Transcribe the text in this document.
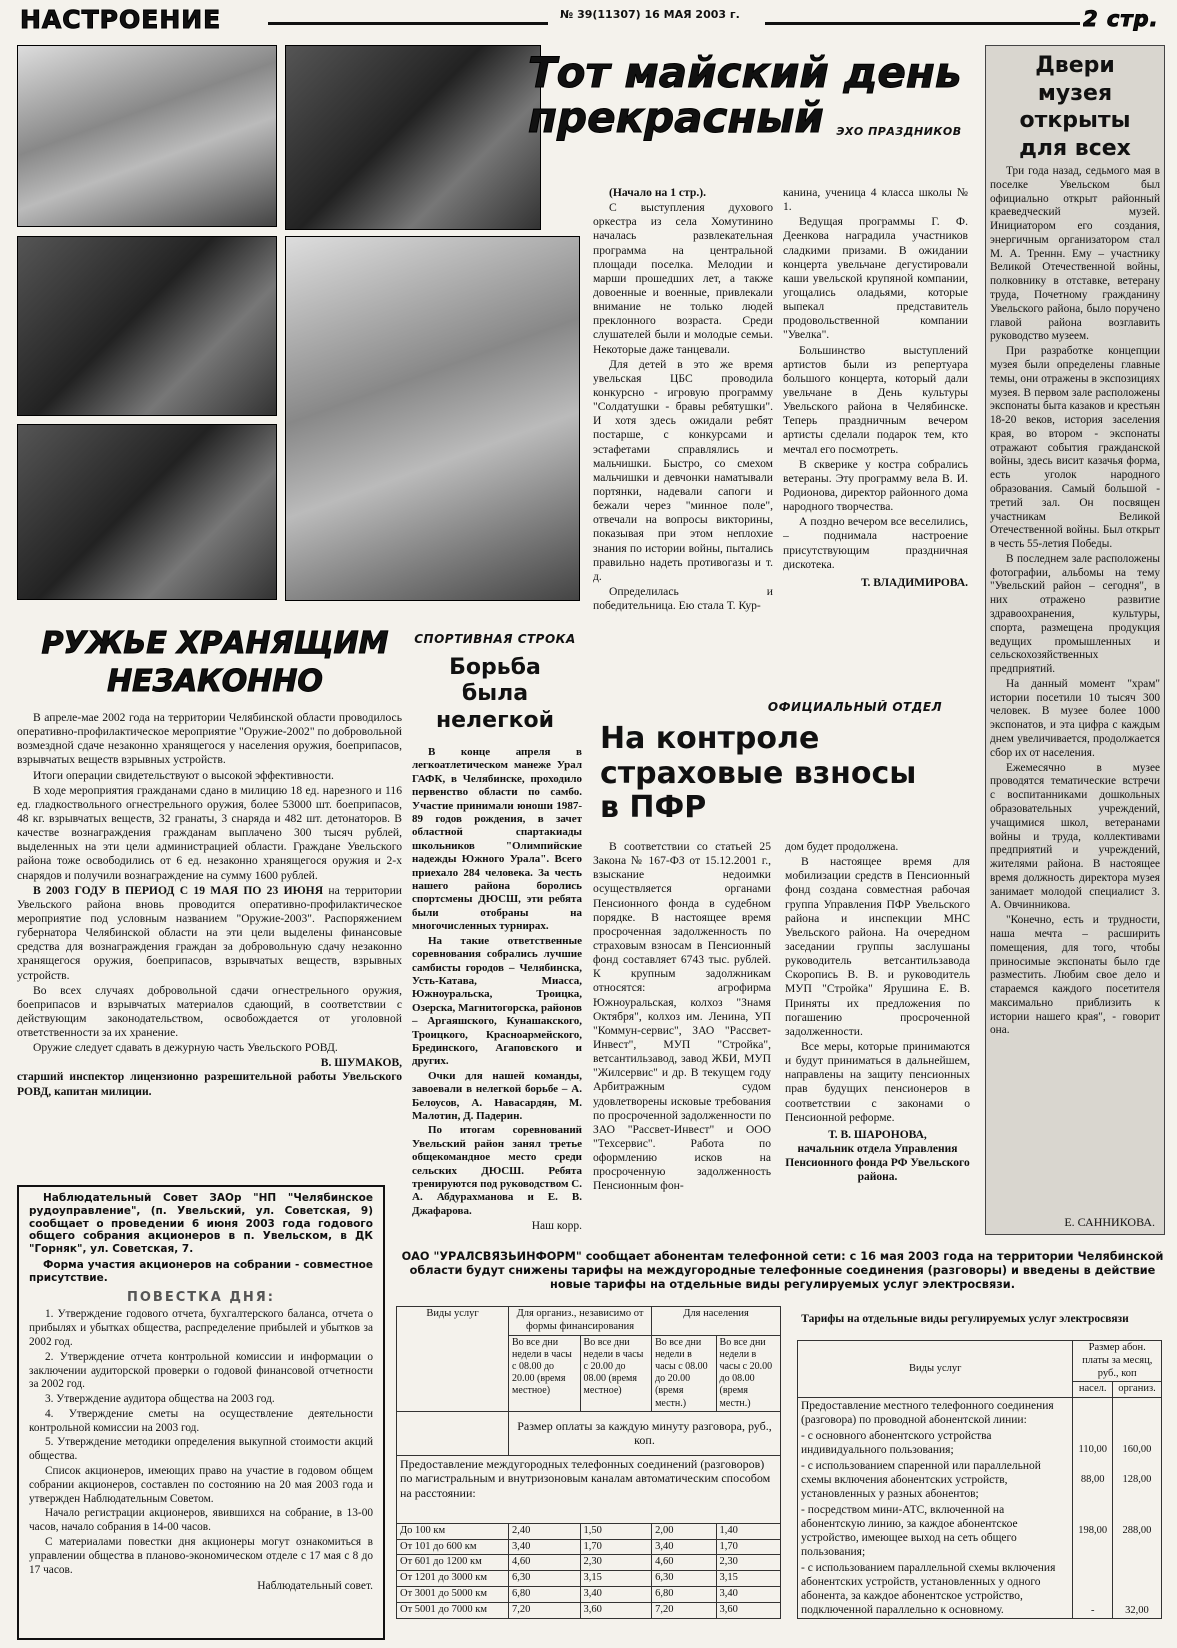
НАСТРОЕНИЕ	№ 39(11307) 16 МАЯ 2003 г.	2 стр.
Тот майский день прекрасный	ЭХО ПРАЗДНИКОВ

(Начало на 1 стр.).

С выступления духового оркестра из села Хомутинино началась развлекательная программа на центральной площади поселка. Мелодии и марши прошедших лет, а также довоенные и военные, привлекали внимание не только людей преклонного возраста. Среди слушателей были и молодые семьи. Некоторые даже танцевали.

Для детей в это же время увельская ЦБС проводила конкурсно - игровую программу "Солдатушки - бравы ребятушки". И хотя здесь ожидали ребят постарше, с конкурсами и эстафетами справлялись и мальчишки. Быстро, со смехом мальчишки и девчонки наматывали портянки, надевали сапоги и бежали через "минное поле", отвечали на вопросы викторины, показывая при этом неплохие знания по истории войны, пытались правильно надеть противогазы и т. д.

Определилась и победительница. Ею стала Т. Кур-

канина, ученица 4 класса школы № 1.

Ведущая программы Г. Ф. Деенкова наградила участников сладкими призами. В ожидании концерта увельчане дегустировали каши увельской крупяной компании, угощались оладьями, которые выпекал представитель продовольственной компании "Увелка".

Большинство выступлений артистов были из репертуара большого концерта, который дали увельчане в День культуры Увельского района в Челябинске. Теперь праздничным вечером артисты сделали подарок тем, кто мечтал его посмотреть.

В скверике у костра собрались ветераны. Эту программу вела В. И. Родионова, директор районного дома народного творчества.

А поздно вечером все веселились, – поднимала настроение присутствующим праздничная дискотека.

Т. ВЛАДИМИРОВА.
Двери музея открыты для всех

Три года назад, седьмого мая в поселке Увельском был официально открыт районный краеведческий музей. Инициатором его создания, энергичным организатором стал М. А. Треннн. Ему – участнику Великой Отечественной войны, полковнику в отставке, ветерану труда, Почетному гражданину Увельского района, было поручено главой района возглавить руководство музеем.

При разработке концепции музея были определены главные темы, они отражены в экспозициях музея. В первом зале расположены экспонаты быта казаков и крестьян 18-20 веков, история заселения края, во втором - экспонаты отражают события гражданской войны, здесь висит казачья форма, есть уголок народного образования. Самый большой - третий зал. Он посвящен участникам Великой Отечественной войны. Был открыт в честь 55-летия Победы.

В последнем зале расположены фотографии, альбомы на тему "Увельский район – сегодня", в них отражено развитие здравоохранения, культуры, спорта, размещена продукция ведущих промышленных и сельскохозяйственных предприятий.

На данный момент "храм" истории посетили 10 тысяч 300 человек. В музее более 1000 экспонатов, и эта цифра с каждым днем увеличивается, продолжается сбор их от населения.

Ежемесячно в музее проводятся тематические встречи с воспитанниками дошкольных образовательных учреждений, учащимися школ, ветеранами войны и труда, коллективами предприятий и учреждений, жителями района. В настоящее время должность директора музея занимает молодой специалист З. А. Овчинникова.

"Конечно, есть и трудности, наша мечта – расширить помещения, для того, чтобы приносимые экспонаты было где разместить. Любим свое дело и стараемся каждого посетителя максимально приблизить к истории нашего края", - говорит она.

Е. САННИКОВА.
РУЖЬЕ ХРАНЯЩИМ НЕЗАКОННО

В апреле-мае 2002 года на территории Челябинской области проводилось оперативно-профилактическое мероприятие "Оружие-2002" по добровольной возмездной сдаче незаконно хранящегося у населения оружия, боеприпасов, взрывчатых веществ взрывных устройств.

Итоги операции свидетельствуют о высокой эффективности.

В ходе мероприятия гражданами сдано в милицию 18 ед. нарезного и 116 ед. гладкоствольного огнестрельного оружия, более 53000 шт. боеприпасов, 48 кг. взрывчатых веществ, 32 гранаты, 3 снаряда и 482 шт. детонаторов. В качестве вознаграждения гражданам выплачено 300 тысяч рублей, выделенных на эти цели администрацией области. Граждане Увельского района тоже освободились от 6 ед. незаконно хранящегося оружия и 2-х снарядов и получили вознаграждение на сумму 1600 рублей.

В 2003 ГОДУ В ПЕРИОД С 19 МАЯ ПО 23 ИЮНЯ на территории Увельского района вновь проводится оперативно-профилактическое мероприятие под условным названием "Оружие-2003". Распоряжением губернатора Челябинской области на эти цели выделены финансовые средства для вознаграждения граждан за добровольную сдачу незаконно хранящегося оружия, боеприпасов, взрывчатых веществ, взрывных устройств.

Во всех случаях добровольной сдачи огнестрельного оружия, боеприпасов и взрывчатых материалов сдающий, в соответствии с действующим законодательством, освобождается от уголовной ответственности за их хранение.

Оружие следует сдавать в дежурную часть Увельского РОВД.

В. ШУМАКОВ,
старший инспектор лицензионно разрешительной работы Увельского РОВД, капитан милиции.
СПОРТИВНАЯ СТРОКА
Борьба была нелегкой

В конце апреля в легкоатлетическом манеже Урал ГАФК, в Челябинске, проходило первенство области по самбо. Участие принимали юноши 1987-89 годов рождения, в зачет областной спартакиады школьников "Олимпийские надежды Южного Урала". Всего приехало 284 человека. За честь нашего района боролись спортсмены ДЮСШ, эти ребята были отобраны на многочисленных турнирах.

На такие ответственные соревнования собрались лучшие самбисты городов – Челябинска, Усть-Катава, Миасса, Южноуральска, Троицка, Озерска, Магнитогорска, районов – Аргаяшского, Кунашакского, Троицкого, Красноармейского, Брединского, Агаповского и других.

Очки для нашей команды, завоевали в нелегкой борьбе – А. Белоусов, А. Навасардян, М. Малотин, Д. Падерин.

По итогам соревнований Увельский район занял третье общекомандное место среди сельских ДЮСШ. Ребята тренируются под руководством С. А. Абдурахманова и Е. В. Джафарова.

Наш корр.
ОФИЦИАЛЬНЫЙ ОТДЕЛ
На контроле страховые взносы в ПФР

В соответствии со статьей 25 Закона № 167-ФЗ от 15.12.2001 г., взыскание недоимки осуществляется органами Пенсионного фонда в судебном порядке. В настоящее время просроченная задолженность по страховым взносам в Пенсионный фонд составляет 6743 тыс. рублей. К крупным задолжникам относятся: агрофирма Южноуральская, колхоз "Знамя Октября", колхоз им. Ленина, УП "Коммун-сервис", ЗАО "Рассвет-Инвест", МУП "Стройка", ветсантильзавод, завод ЖБИ, МУП "Жилсервис" и др. В текущем году Арбитражным судом удовлетворены исковые требования по просроченной задолженности по ЗАО "Рассвет-Инвест" и ООО "Техсервис". Работа по оформлению исков на просроченную задолженность Пенсионным фон-

дом будет продолжена.

В настоящее время для мобилизации средств в Пенсионный фонд создана совместная рабочая группа Управления ПФР Увельского района и инспекции МНС Увельского района. На очередном заседании группы заслушаны руководитель ветсантильзавода Скоропись В. В. и руководитель МУП "Стройка" Ярушина Е. В. Приняты их предложения по погашению просроченной задолженности.

Все меры, которые принимаются и будут приниматься в дальнейшем, направлены на защиту пенсионных прав будущих пенсионеров в соответствии с законами о Пенсионной реформе.

Т. В. ШАРОНОВА,
начальник отдела Управления Пенсионного фонда РФ Увельского района.
Наблюдательный Совет ЗАОр "НП "Челябинское рудоуправление", (п. Увельский, ул. Советская, 9) сообщает о проведении 6 июня 2003 года годового общего собрания акционеров в п. Увельском, в ДК "Горняк", ул. Советская, 7.
Форма участия акционеров на собрании - совместное присутствие.
ПОВЕСТКА ДНЯ:

1. Утверждение годового отчета, бухгалтерского баланса, отчета о прибылях и убытках общества, распределение прибылей и убытков за 2002 год.

2. Утверждение отчета контрольной комиссии и информации о заключении аудиторской проверки о годовой финансовой отчетности за 2002 год.

3. Утверждение аудитора общества на 2003 год.

4. Утверждение сметы на осуществление деятельности контрольной комиссии на 2003 год.

5. Утверждение методики определения выкупной стоимости акций общества.

Список акционеров, имеющих право на участие в годовом общем собрании акционеров, составлен по состоянию на 20 мая 2003 года и утвержден Наблюдательным Советом.

Начало регистрации акционеров, явившихся на собрание, в 13-00 часов, начало собрания в 14-00 часов.

С материалами повестки дня акционеры могут ознакомиться в управлении общества в планово-экономическом отделе с 17 мая с 8 до 17 часов.

Наблюдательный совет.
ОАО "УРАЛСВЯЗЬИНФОРМ" сообщает абонентам телефонной сети: с 16 мая 2003 года на территории Челябинской области будут снижены тарифы на междугородные телефонные соединения (разговоры) и введены в действие новые тарифы на отдельные виды регулируемых услуг электросвязи.
Виды услуг	Для организ., независимо от формы финансирования		Для населения	
	Во все дни недели в часы с 08.00 до 20.00 (время местное)	Во все дни недели в часы с 20.00 до 08.00 (время местное)	Во все дни недели в часы с 08.00 до 20.00 (время местн.)	Во все дни недели в часы с 20.00 до 08.00 (время местн.)
	Размер оплаты за каждую минуту разговора, руб., коп.			
Предоставление междугородных телефонных соединений (разговоров) по магистральным и внутризоновым каналам автоматическим способом на расстоянии:				
До 100 км	2,40	1,50	2,00	1,40
От 101 до 600 км	3,40	1,70	3,40	1,70
От 601 до 1200 км	4,60	2,30	4,60	2,30
От 1201 до 3000 км	6,30	3,15	6,30	3,15
От 3001 до 5000 км	6,80	3,40	6,80	3,40
От 5001 до 7000 км	7,20	3,60	7,20	3,60
Тарифы на отдельные виды регулируемых услуг электросвязи
Виды услуг	Размер абон. платы за месяц, руб., коп	
	насел.	организ.
Предоставление местного телефонного соединения (разговора) по проводной абонентской линии:		
- с основного абонентского устройства индивидуального пользования;	110,00	160,00
- с использованием спаренной или параллельной схемы включения абонентских устройств, установленных у разных абонентов;	88,00	128,00
- посредством мини-АТС, включенной на абонентскую линию, за каждое абонентское устройство, имеющее выход на сеть общего пользования;	198,00	288,00
- с использованием параллельной схемы включения абонентских устройств, установленных у одного абонента, за каждое абонентское устройство, подключенной параллельно к основному.	-	32,00
